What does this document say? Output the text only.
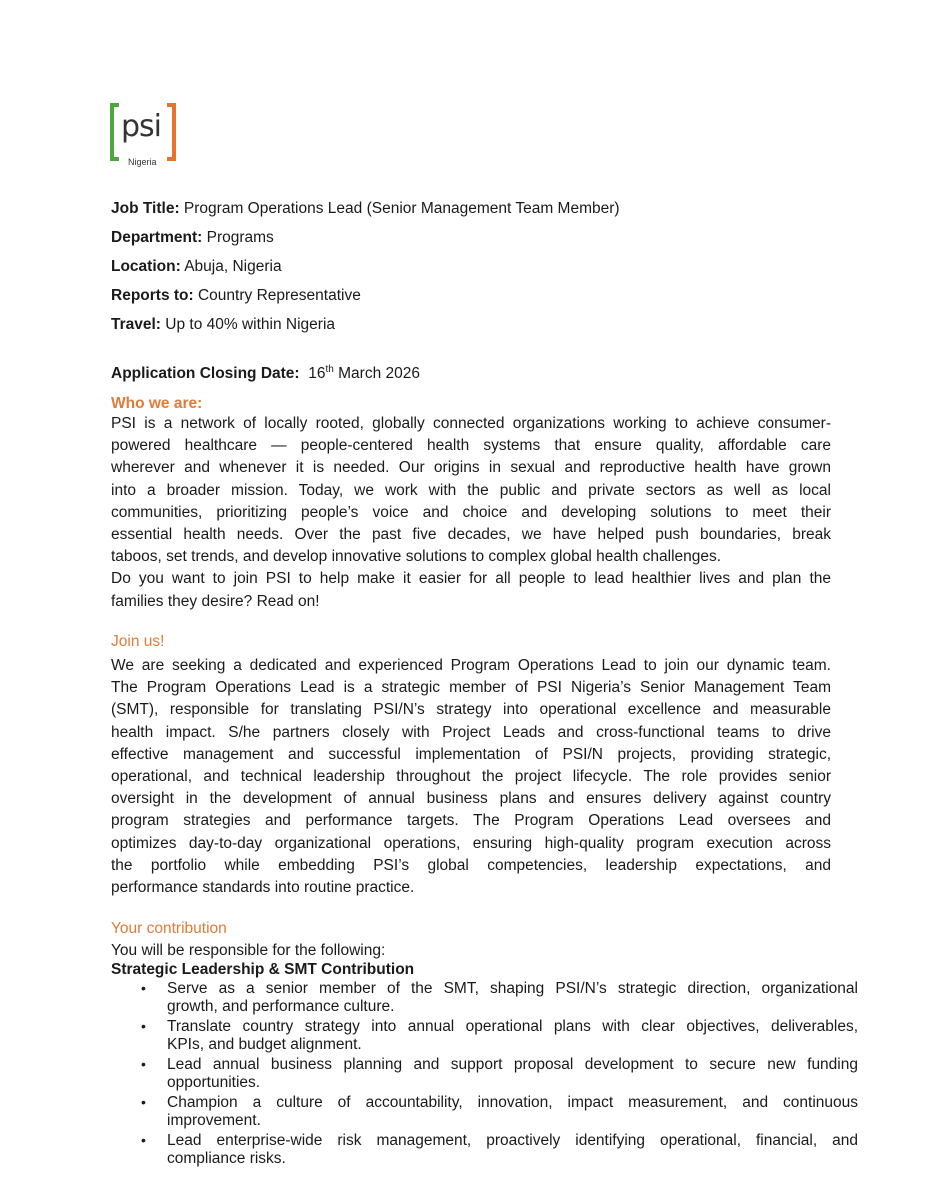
psi
Nigeria
Job Title: Program Operations Lead (Senior Management Team Member)
Department: Programs
Location: Abuja, Nigeria
Reports to: Country Representative
Travel: Up to 40% within Nigeria
Application Closing Date: 16th March 2026
Who we are:
PSI is a network of locally rooted, globally connected organizations working to achieve consumer-
powered healthcare — people-centered health systems that ensure quality, affordable care
wherever and whenever it is needed. Our origins in sexual and reproductive health have grown
into a broader mission. Today, we work with the public and private sectors as well as local
communities, prioritizing people’s voice and choice and developing solutions to meet their
essential health needs. Over the past five decades, we have helped push boundaries, break
taboos, set trends, and develop innovative solutions to complex global health challenges.
Do you want to join PSI to help make it easier for all people to lead healthier lives and plan the
families they desire? Read on!
Join us!
We are seeking a dedicated and experienced Program Operations Lead to join our dynamic team.
The Program Operations Lead is a strategic member of PSI Nigeria’s Senior Management Team
(SMT), responsible for translating PSI/N’s strategy into operational excellence and measurable
health impact. S/he partners closely with Project Leads and cross-functional teams to drive
effective management and successful implementation of PSI/N projects, providing strategic,
operational, and technical leadership throughout the project lifecycle. The role provides senior
oversight in the development of annual business plans and ensures delivery against country
program strategies and performance targets. The Program Operations Lead oversees and
optimizes day-to-day organizational operations, ensuring high-quality program execution across
the portfolio while embedding PSI’s global competencies, leadership expectations, and
performance standards into routine practice.
Your contribution
You will be responsible for the following:
Strategic Leadership & SMT Contribution
• Serve as a senior member of the SMT, shaping PSI/N’s strategic direction, organizational
growth, and performance culture.
• Translate country strategy into annual operational plans with clear objectives, deliverables,
KPIs, and budget alignment.
• Lead annual business planning and support proposal development to secure new funding
opportunities.
• Champion a culture of accountability, innovation, impact measurement, and continuous
improvement.
• Lead enterprise-wide risk management, proactively identifying operational, financial, and
compliance risks.
